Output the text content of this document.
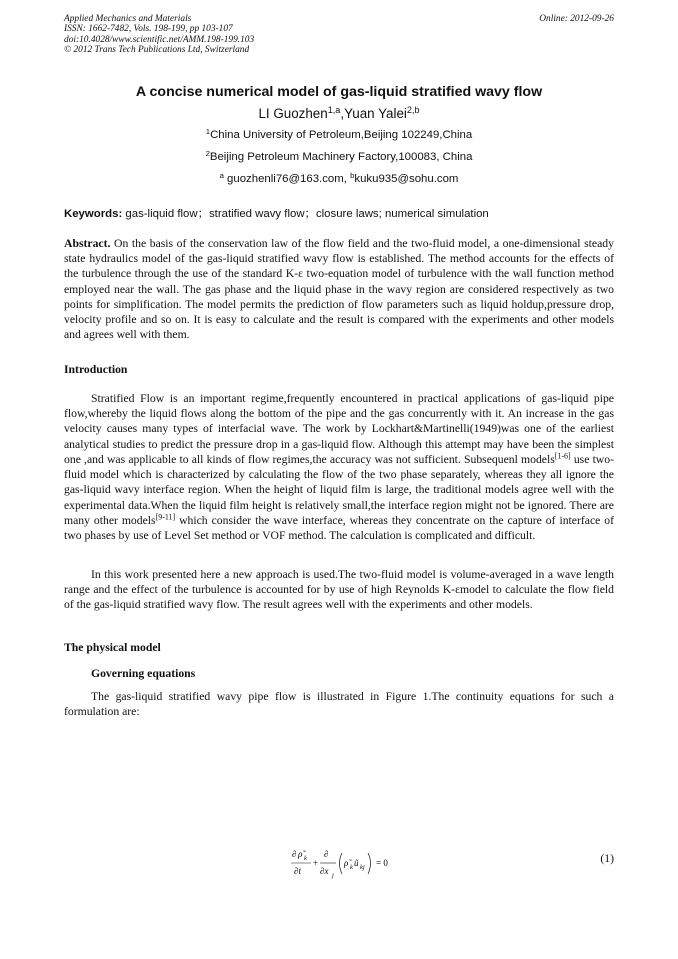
Applied Mechanics and Materials
ISSN: 1662-7482, Vols. 198-199, pp 103-107
doi:10.4028/www.scientific.net/AMM.198-199.103
© 2012 Trans Tech Publications Ltd, Switzerland
Online: 2012-09-26
A concise numerical model of gas-liquid stratified wavy flow
LI Guozhen$^{1,a}$,Yuan Yalei$^{2,b}$
$^1$China University of Petroleum,Beijing 102249,China
$^2$Beijing Petroleum Machinery Factory,100083, China
$^a$ guozhenli76@163.com, $^b$kuku935@sohu.com
Keywords: gas-liquid flow；stratified wavy flow；closure laws; numerical simulation
Abstract. On the basis of the conservation law of the flow field and the two-fluid model, a one-dimensional steady state hydraulics model of the gas-liquid stratified wavy flow is established. The method accounts for the effects of the turbulence through the use of the standard K-ε two-equation model of turbulence with the wall function method employed near the wall. The gas phase and the liquid phase in the wavy region are considered respectively as two points for simplification. The model permits the prediction of flow parameters such as liquid holdup,pressure drop, velocity profile and so on. It is easy to calculate and the result is compared with the experiments and other models and agrees well with them.
Introduction
Stratified Flow is an important regime,frequently encountered in practical applications of gas-liquid pipe flow,whereby the liquid flows along the bottom of the pipe and the gas concurrently with it. An increase in the gas velocity causes many types of interfacial wave. The work by Lockhart&Martinelli(1949)was one of the earliest analytical studies to predict the pressure drop in a gas-liquid flow. Although this attempt may have been the simplest one ,and was applicable to all kinds of flow regimes,the accuracy was not sufficient. Subsequenl models[1-6] use two-fluid model which is characterized by calculating the flow of the two phase separately, whereas they all ignore the gas-liquid wavy interface region. When the height of liquid film is large, the traditional models agree well with the experimental data.When the liquid film height is relatively small,the interface region might not be ignored. There are many other models[9-11] which consider the wave interface, whereas they concentrate on the capture of interface of two phases by use of Level Set method or VOF method. The calculation is complicated and difficult.
In this work presented here a new approach is used.The two-fluid model is volume-averaged in a wave length range and the effect of the turbulence is accounted for by use of high Reynolds K-εmodel to calculate the flow field of the gas-liquid stratified wavy flow. The result agrees well with the experiments and other models.
The physical model
Governing equations
The gas-liquid stratified wavy pipe flow is illustrated in Figure 1.The continuity equations for such a formulation are:
∂ ρ̃ k
∂t
+
∂
∂x j
ρ̃ k ũ kj = 0	(1)
